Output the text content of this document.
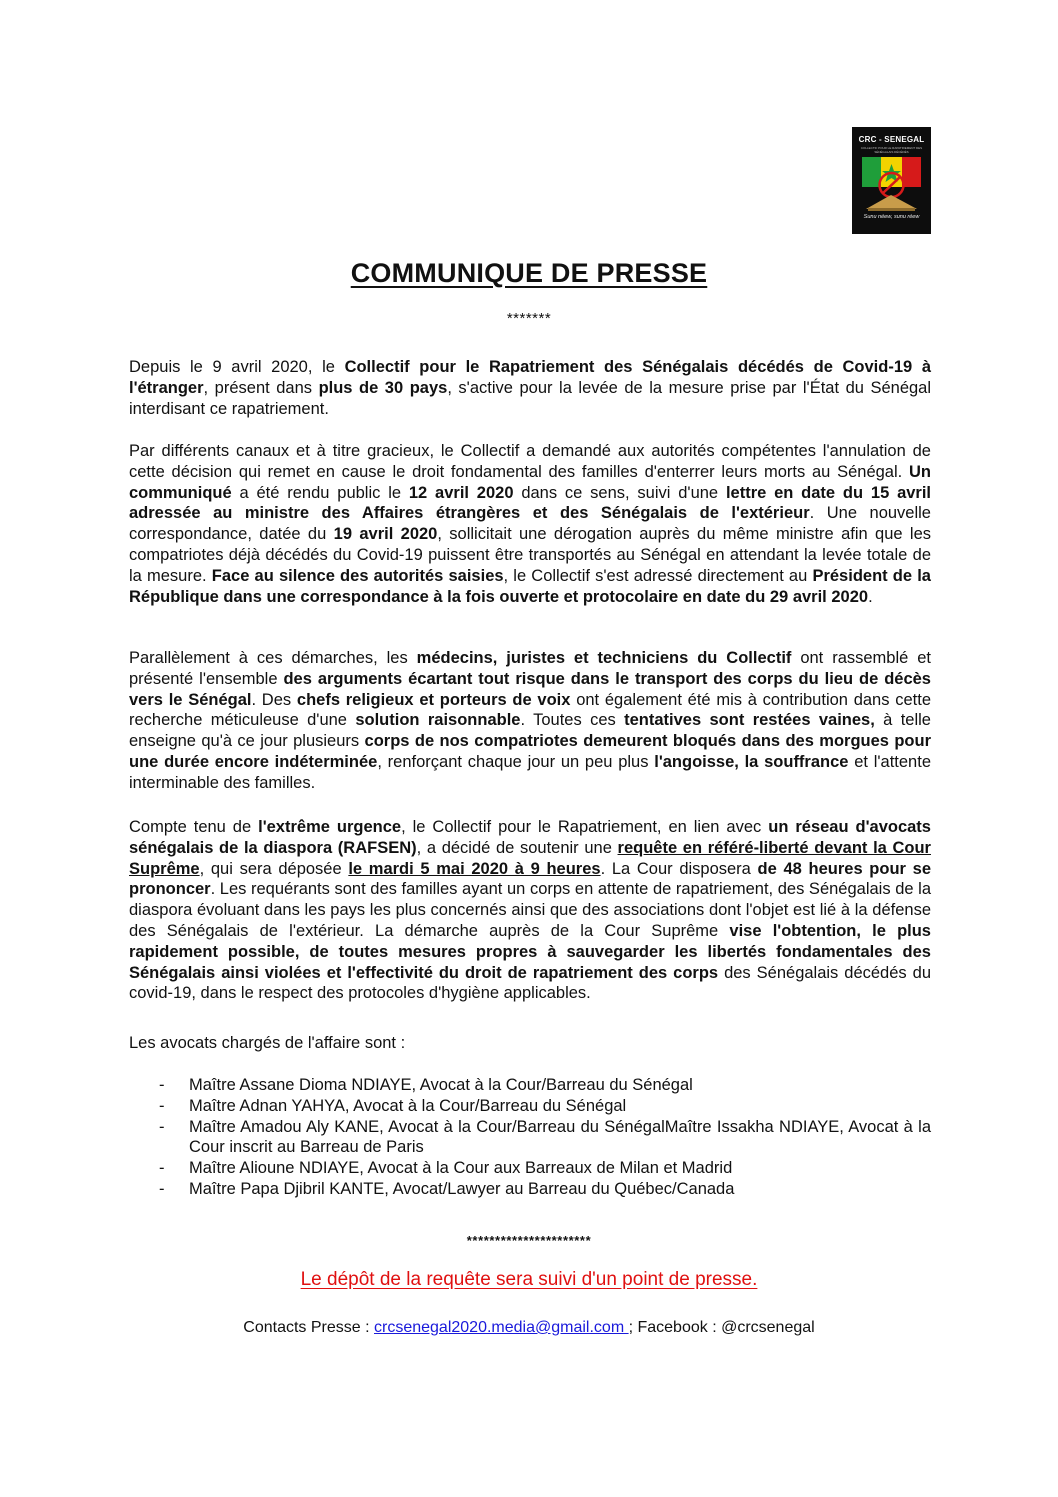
CRC - SENEGAL
COLLECTIF POUR LE RAPATRIEMENT DES SÉNÉGALAIS DÉCÉDÉS
Sunu néew, sunu réew
COMMUNIQUE DE PRESSE
*******

Depuis le 9 avril 2020, le Collectif pour le Rapatriement des Sénégalais décédés de Covid-19 à l'étranger, présent dans plus de 30 pays, s'active pour la levée de la mesure prise par l'État du Sénégal interdisant ce rapatriement.

Par différents canaux et à titre gracieux, le Collectif a demandé aux autorités compétentes l'annulation de cette décision qui remet en cause le droit fondamental des familles d'enterrer leurs morts au Sénégal. Un communiqué a été rendu public le 12 avril 2020 dans ce sens, suivi d'une lettre en date du 15 avril adressée au ministre des Affaires étrangères et des Sénégalais de l'extérieur. Une nouvelle correspondance, datée du 19 avril 2020, sollicitait une dérogation auprès du même ministre afin que les compatriotes déjà décédés du Covid-19 puissent être transportés au Sénégal en attendant la levée totale de la mesure. Face au silence des autorités saisies, le Collectif s'est adressé directement au Président de la République dans une correspondance à la fois ouverte et protocolaire en date du 29 avril 2020.

Parallèlement à ces démarches, les médecins, juristes et techniciens du Collectif ont rassemblé et présenté l'ensemble des arguments écartant tout risque dans le transport des corps du lieu de décès vers le Sénégal. Des chefs religieux et porteurs de voix ont également été mis à contribution dans cette recherche méticuleuse d'une solution raisonnable. Toutes ces tentatives sont restées vaines, à telle enseigne qu'à ce jour plusieurs corps de nos compatriotes demeurent bloqués dans des morgues pour une durée encore indéterminée, renforçant chaque jour un peu plus l'angoisse, la souffrance et l'attente interminable des familles.

Compte tenu de l'extrême urgence, le Collectif pour le Rapatriement, en lien avec un réseau d'avocats sénégalais de la diaspora (RAFSEN), a décidé de soutenir une requête en référé-liberté devant la Cour Suprême, qui sera déposée le mardi 5 mai 2020 à 9 heures. La Cour disposera de 48 heures pour se prononcer. Les requérants sont des familles ayant un corps en attente de rapatriement, des Sénégalais de la diaspora évoluant dans les pays les plus concernés ainsi que des associations dont l'objet est lié à la défense des Sénégalais de l'extérieur. La démarche auprès de la Cour Suprême vise l'obtention, le plus rapidement possible, de toutes mesures propres à sauvegarder les libertés fondamentales des Sénégalais ainsi violées et l'effectivité du droit de rapatriement des corps des Sénégalais décédés du covid-19, dans le respect des protocoles d'hygiène applicables.

Les avocats chargés de l'affaire sont :

- Maître Assane Dioma NDIAYE, Avocat à la Cour/Barreau du Sénégal
- Maître Adnan YAHYA, Avocat à la Cour/Barreau du Sénégal
- Maître Amadou Aly KANE, Avocat à la Cour/Barreau du SénégalMaître Issakha NDIAYE, Avocat à la Cour inscrit au Barreau de Paris
- Maître Alioune NDIAYE, Avocat à la Cour aux Barreaux de Milan et Madrid
- Maître Papa Djibril KANTE, Avocat/Lawyer au Barreau du Québec/Canada
**********************
Le dépôt de la requête sera suivi d'un point de presse.
Contacts Presse : crcsenegal2020.media@gmail.com ; Facebook : @crcsenegal
